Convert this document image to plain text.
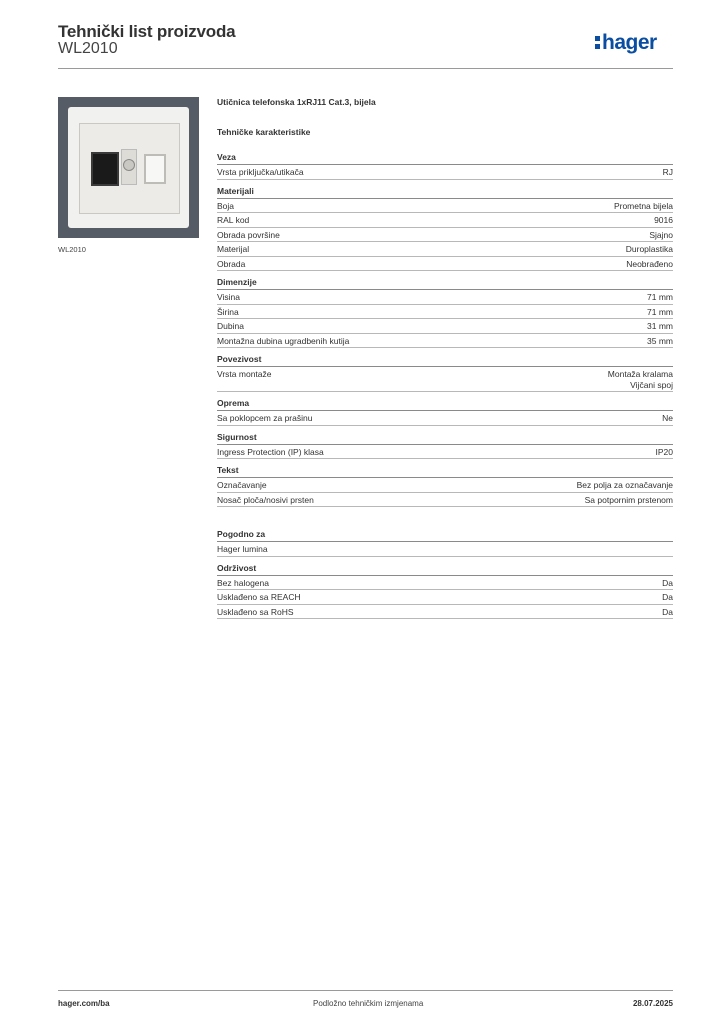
Tehnički list proizvoda
WL2010	hager
WL2010
Utičnica telefonska 1xRJ11 Cat.3, bijela
Tehničke karakteristike
Veza
Vrsta priključka/utikača	RJ
Materijali
Boja	Prometna bijela
RAL kod	9016
Obrada površine	Sjajno
Materijal	Duroplastika
Obrada	Neobrađeno
Dimenzije
Visina	71 mm
Širina	71 mm
Dubina	31 mm
Montažna dubina ugradbenih kutija	35 mm
Povezivost
Vrsta montaže	Montaža kralama
Vijčani spoj
Oprema
Sa poklopcem za prašinu	Ne
Sigurnost
Ingress Protection (IP) klasa	IP20
Tekst
Označavanje	Bez polja za označavanje
Nosač ploča/nosivi prsten	Sa potpornim prstenom
Pogodno za
Hager lumina
Održivost
Bez halogena	Da
Usklađeno sa REACH	Da
Usklađeno sa RoHS	Da
hager.com/ba	Podložno tehničkim izmjenama	28.07.2025
